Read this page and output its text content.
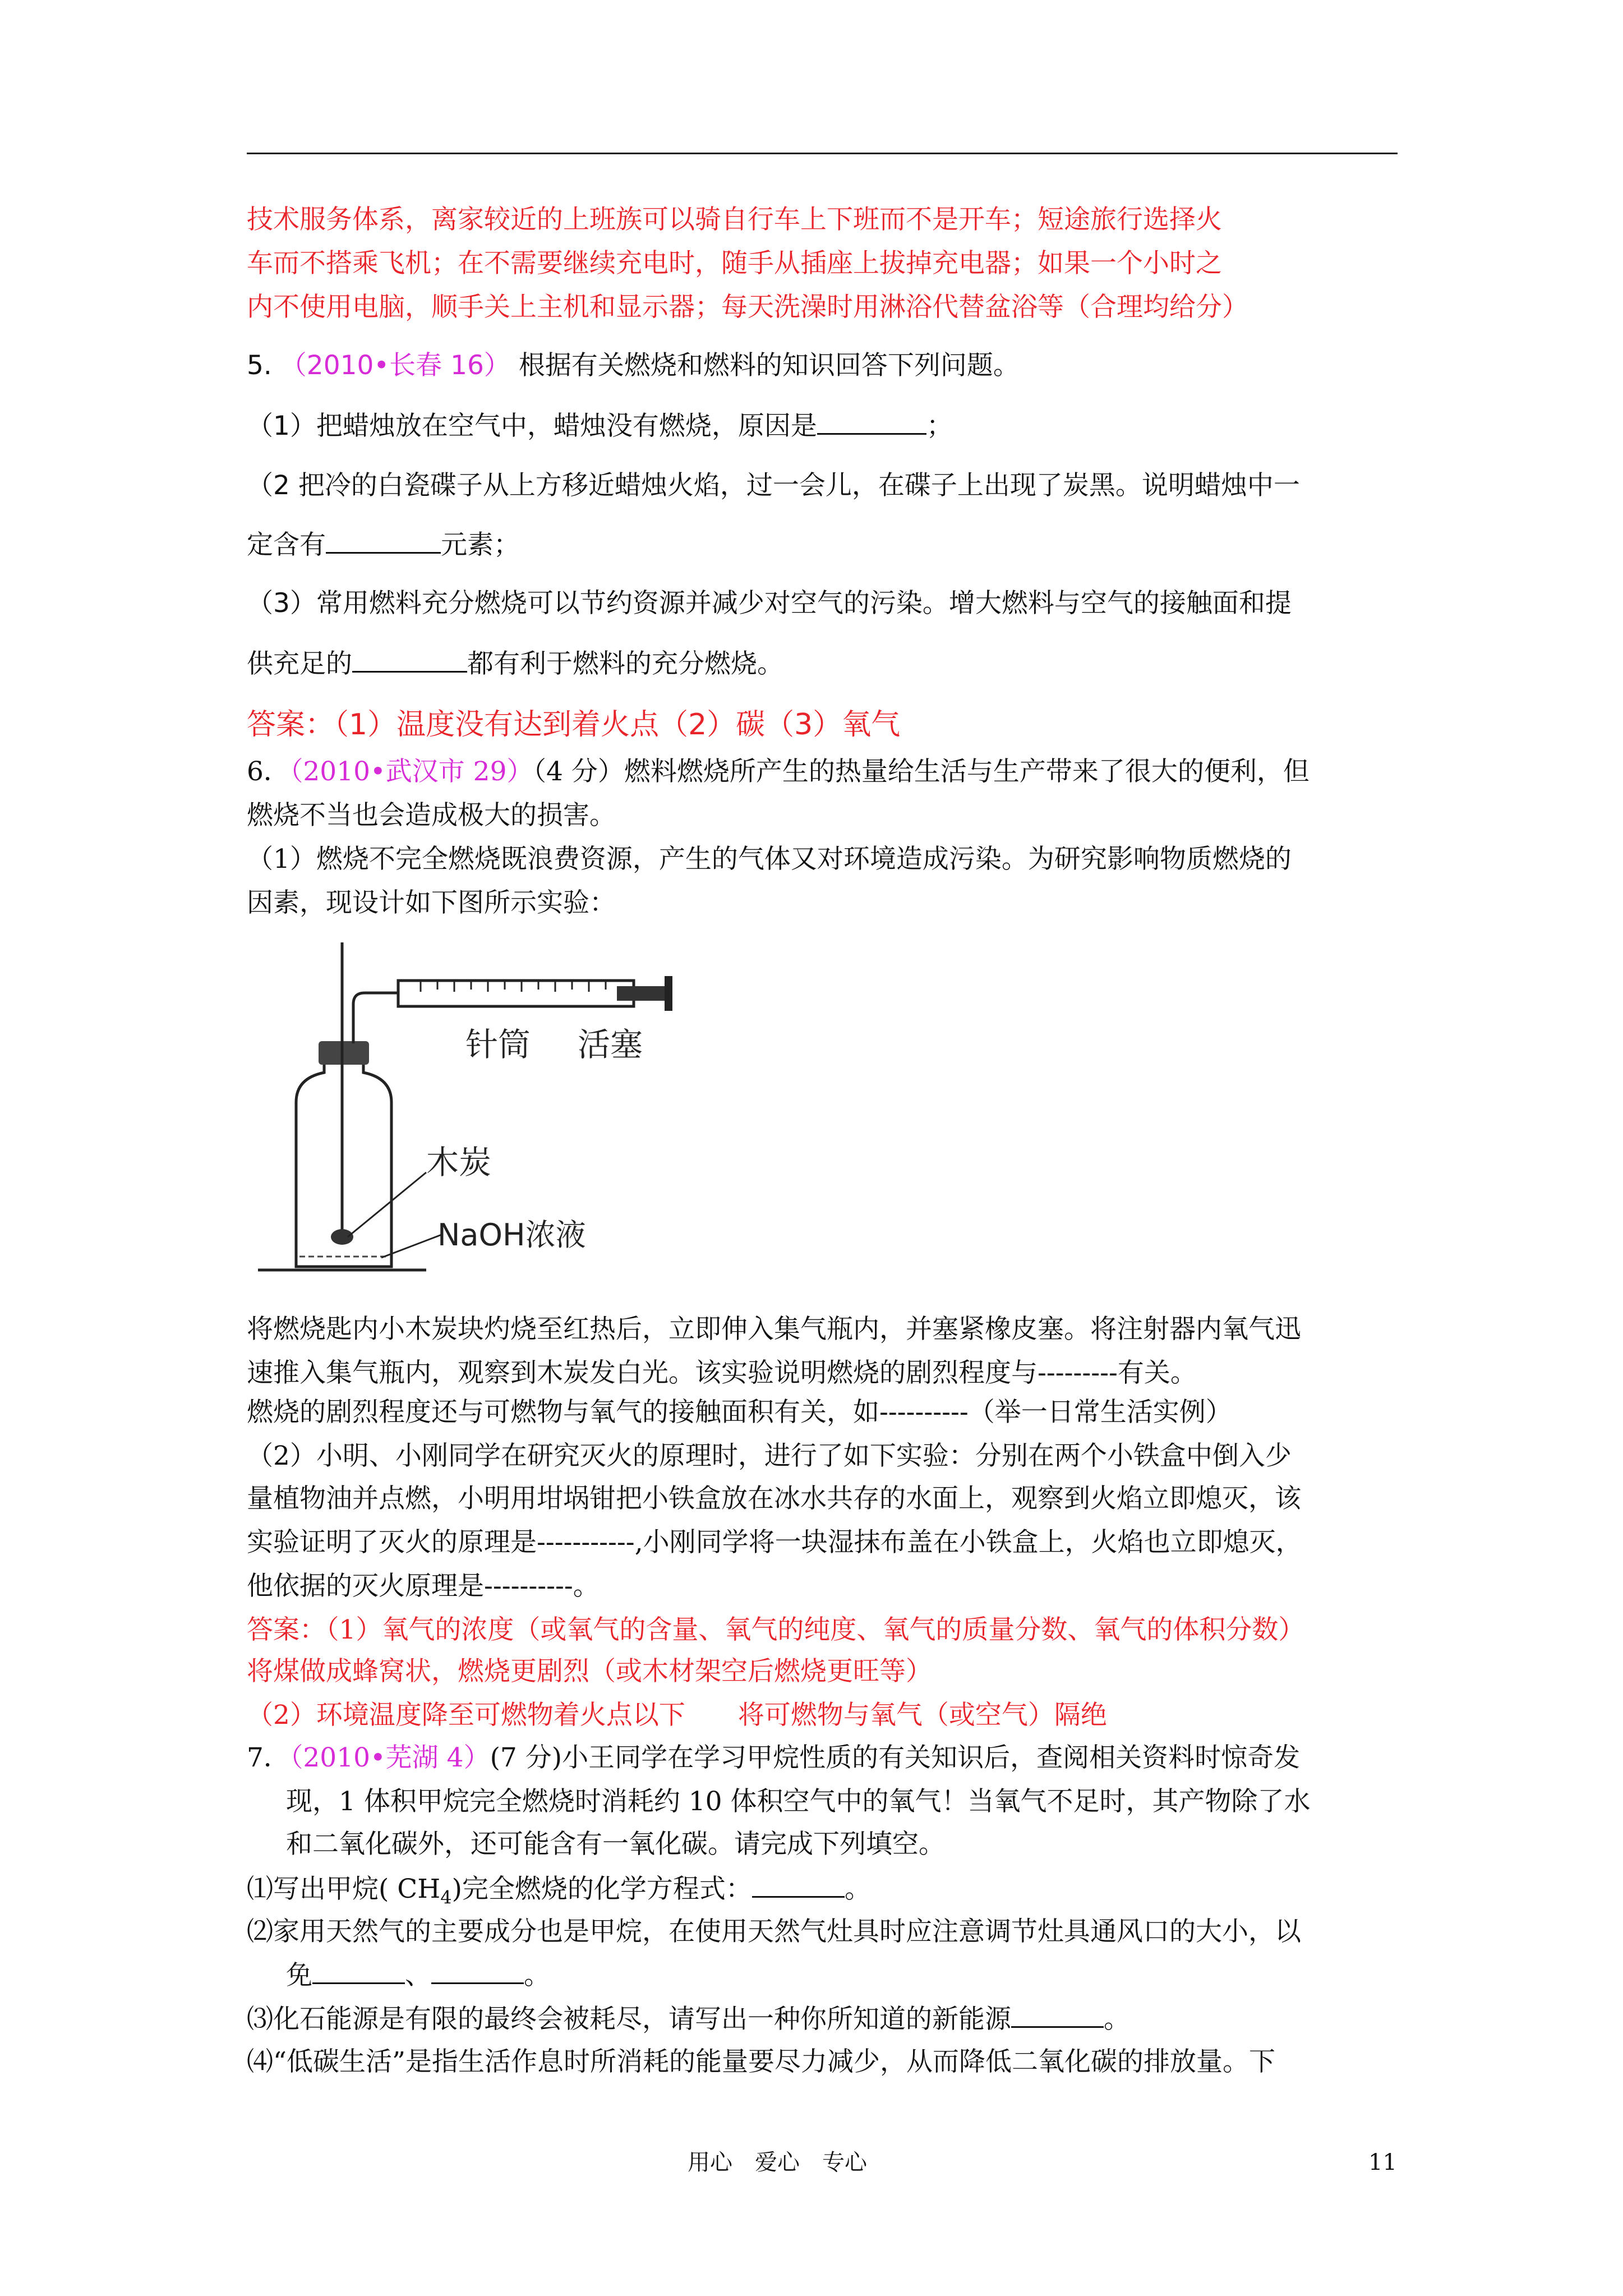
技术服务体系，离家较近的上班族可以骑自行车上下班而不是开车；短途旅行选择火
车而不搭乘飞机；在不需要继续充电时，随手从插座上拔掉充电器；如果一个小时之
内不使用电脑，顺手关上主机和显示器；每天洗澡时用淋浴代替盆浴等（合理均给分）
5. （2010•长春 16） 根据有关燃烧和燃料的知识回答下列问题。
（1）把蜡烛放在空气中，蜡烛没有燃烧，原因是	；
（2 把冷的白瓷碟子从上方移近蜡烛火焰，过一会儿，在碟子上出现了炭黑。说明蜡烛中一
定含有	元素；
（3）常用燃料充分燃烧可以节约资源并减少对空气的污染。增大燃料与空气的接触面和提
供充足的	都有利于燃料的充分燃烧。
答案：（1）温度没有达到着火点（2）碳（3）氧气
6．（2010•武汉市 29）（4 分）燃料燃烧所产生的热量给生活与生产带来了很大的便利，但
燃烧不当也会造成极大的损害。
（1）燃烧不完全燃烧既浪费资源，产生的气体又对环境造成污染。为研究影响物质燃烧的
因素，现设计如下图所示实验：
针筒 活塞
木炭
NaOH浓液
将燃烧匙内小木炭块灼烧至红热后，立即伸入集气瓶内，并塞紧橡皮塞。将注射器内氧气迅
速推入集气瓶内，观察到木炭发白光。该实验说明燃烧的剧烈程度与---------有关。
燃烧的剧烈程度还与可燃物与氧气的接触面积有关，如----------（举一日常生活实例）
（2）小明、小刚同学在研究灭火的原理时，进行了如下实验：分别在两个小铁盒中倒入少
量植物油并点燃，小明用坩埚钳把小铁盒放在冰水共存的水面上，观察到火焰立即熄灭，该
实验证明了灭火的原理是-----------,小刚同学将一块湿抹布盖在小铁盒上，火焰也立即熄灭，
他依据的灭火原理是----------。
答案：（1）氧气的浓度（或氧气的含量、氧气的纯度、氧气的质量分数、氧气的体积分数）
将煤做成蜂窝状，燃烧更剧烈（或木材架空后燃烧更旺等）
（2）环境温度降至可燃物着火点以下　　将可燃物与氧气（或空气）隔绝
7．（2010•芜湖 4）(7 分)小王同学在学习甲烷性质的有关知识后，查阅相关资料时惊奇发
现，1 体积甲烷完全燃烧时消耗约 10 体积空气中的氧气！当氧气不足时，其产物除了水
和二氧化碳外，还可能含有一氧化碳。请完成下列填空。
⑴写出甲烷( $CH_4$)完全燃烧的化学方程式：	。
⑵家用天然气的主要成分也是甲烷，在使用天然气灶具时应注意调节灶具通风口的大小，以
免	、	。
⑶化石能源是有限的最终会被耗尽，请写出一种你所知道的新能源	。
⑷“低碳生活”是指生活作息时所消耗的能量要尽力减少，从而降低二氧化碳的排放量。下
用心　爱心　专心	11
